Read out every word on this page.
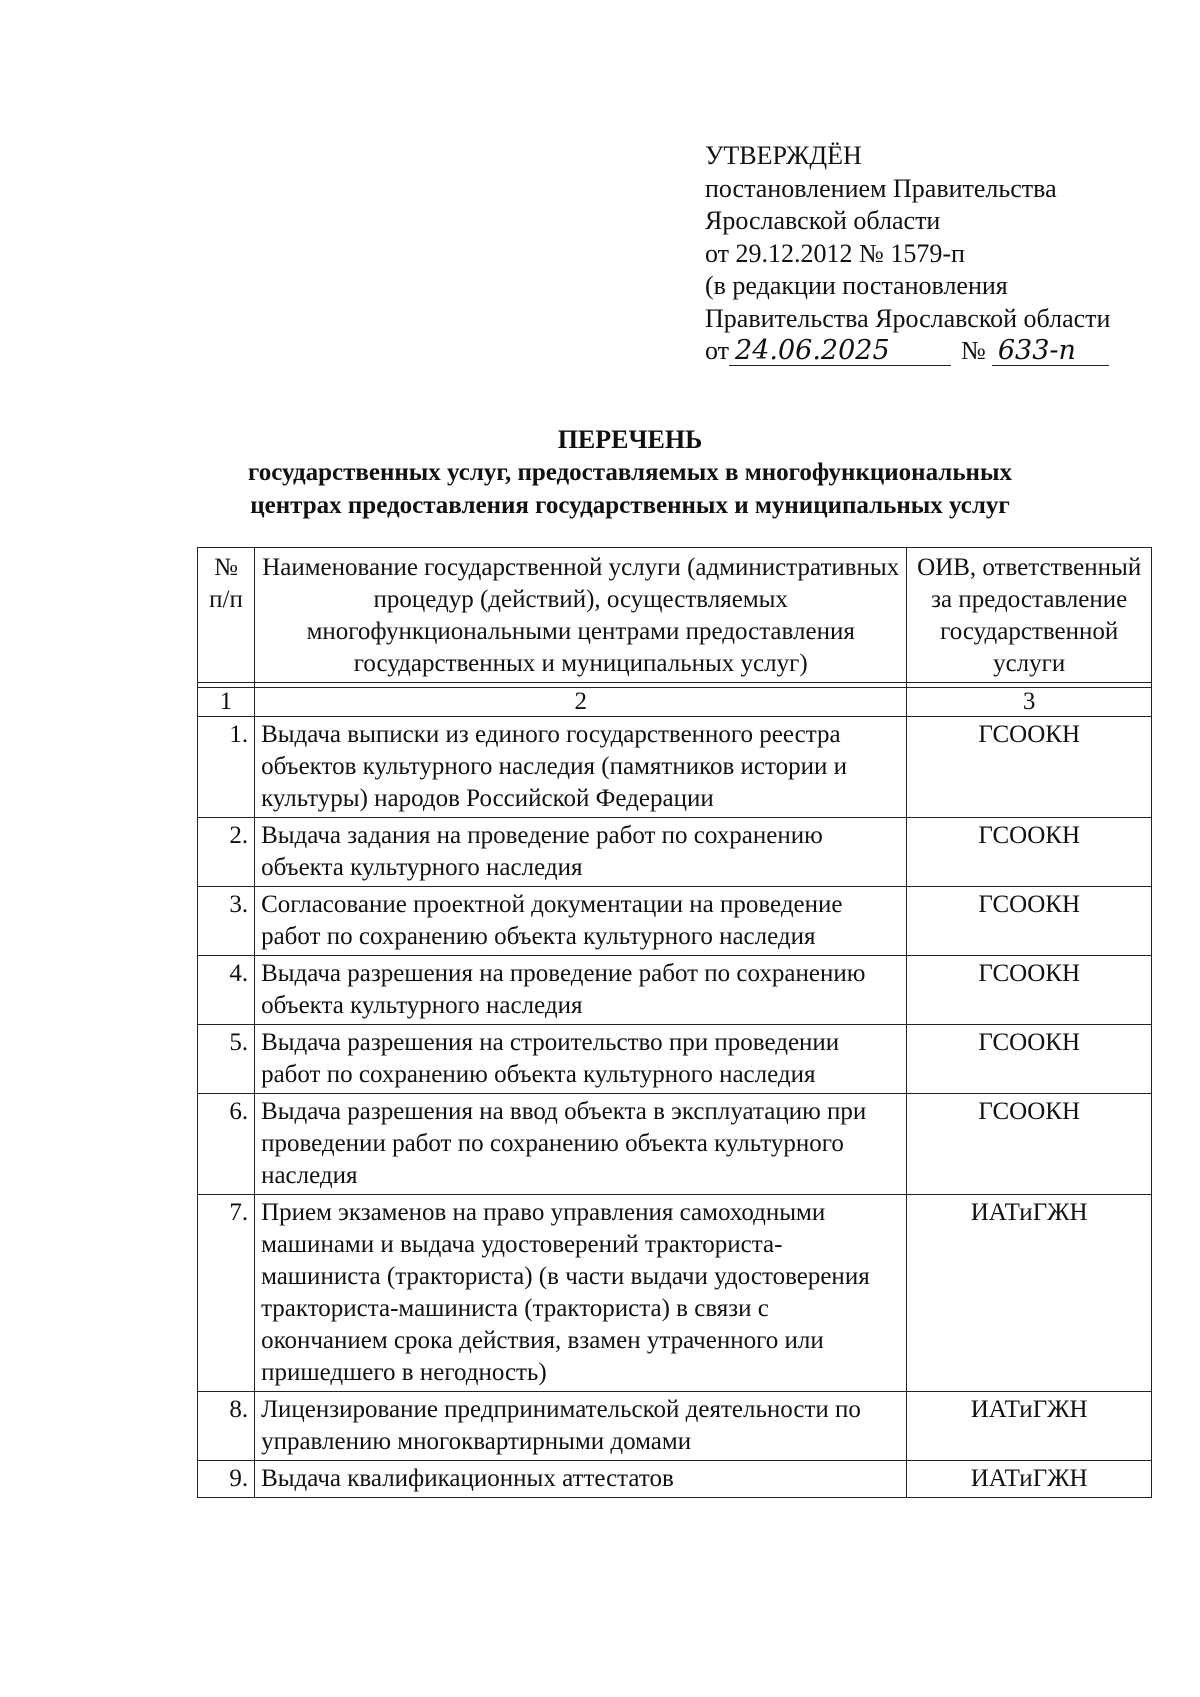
УТВЕРЖДЁН
постановлением Правительства
Ярославской области
от 29.12.2012 № 1579-п
(в редакции постановления
Правительства Ярославской области
от 24.06.2025	№ 633-п
ПЕРЕЧЕНЬ
государственных услуг, предоставляемых в многофункциональных
центрах предоставления государственных и муниципальных услуг
№ п/п	Наименование государственной услуги (административных процедур (действий), осуществляемых многофункциональными центрами предоставления государственных и муниципальных услуг)	ОИВ, ответственный за предоставление государственной услуги

1	2	3
1.	Выдача выписки из единого государственного реестра объектов культурного наследия (памятников истории и культуры) народов Российской Федерации	ГСООКН
2.	Выдача задания на проведение работ по сохранению объекта культурного наследия	ГСООКН
3.	Согласование проектной документации на проведение работ по сохранению объекта культурного наследия	ГСООКН
4.	Выдача разрешения на проведение работ по сохранению объекта культурного наследия	ГСООКН
5.	Выдача разрешения на строительство при проведении работ по сохранению объекта культурного наследия	ГСООКН
6.	Выдача разрешения на ввод объекта в эксплуатацию при проведении работ по сохранению объекта культурного наследия	ГСООКН
7.	Прием экзаменов на право управления самоходными машинами и выдача удостоверений тракториста-машиниста (тракториста) (в части выдачи удостоверения тракториста-машиниста (тракториста) в связи с окончанием срока действия, взамен утраченного или пришедшего в негодность)	ИАТиГЖН
8.	Лицензирование предпринимательской деятельности по управлению многоквартирными домами	ИАТиГЖН
9.	Выдача квалификационных аттестатов	ИАТиГЖН
